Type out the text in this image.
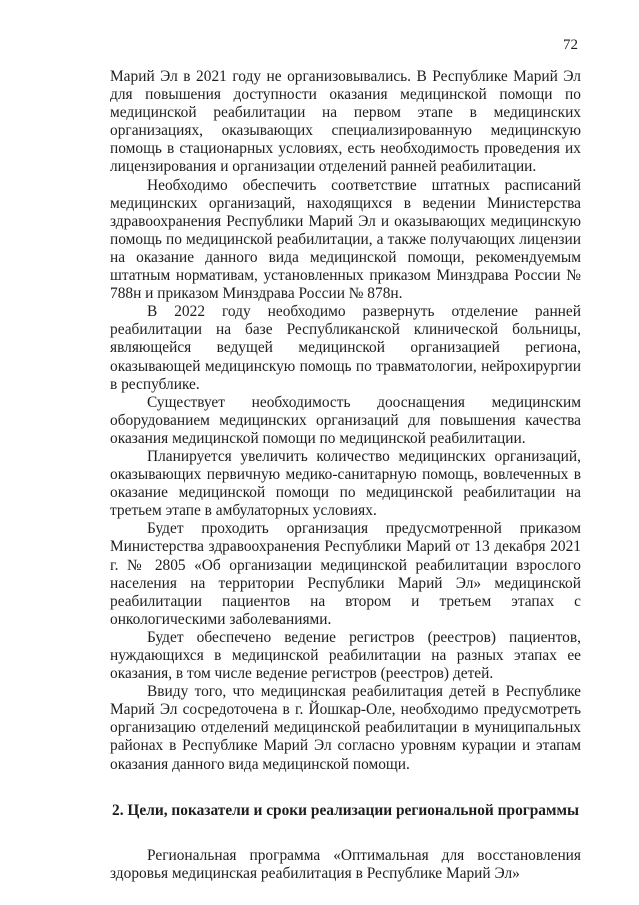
72

Марий Эл в 2021 году не организовывались. В Республике Марий Эл для повышения доступности оказания медицинской помощи по медицинской реабилитации на первом этапе в медицинских организациях, оказывающих специализированную медицинскую помощь в стационарных условиях, есть необходимость проведения их лицензирования и организации отделений ранней реабилитации.

Необходимо обеспечить соответствие штатных расписаний медицинских организаций, находящихся в ведении Министерства здравоохранения Республики Марий Эл и оказывающих медицинскую помощь по медицинской реабилитации, а также получающих лицензии на оказание данного вида медицинской помощи, рекомендуемым штатным нормативам, установленных приказом Минздрава России № 788н и приказом Минздрава России № 878н.

В 2022 году необходимо развернуть отделение ранней реабилитации на базе Республиканской клинической больницы, являющейся ведущей медицинской организацией региона, оказывающей медицинскую помощь по травматологии, нейрохирургии в республике.

Существует необходимость дооснащения медицинским оборудованием медицинских организаций для повышения качества оказания медицинской помощи по медицинской реабилитации.

Планируется увеличить количество медицинских организаций, оказывающих первичную медико-санитарную помощь, вовлеченных в оказание медицинской помощи по медицинской реабилитации на третьем этапе в амбулаторных условиях.

Будет проходить организация предусмотренной приказом Министерства здравоохранения Республики Марий от 13 декабря 2021 г. № 2805 «Об организации медицинской реабилитации взрослого населения на территории Республики Марий Эл» медицинской реабилитации пациентов на втором и третьем этапах с онкологическими заболеваниями.

Будет обеспечено ведение регистров (реестров) пациентов, нуждающихся в медицинской реабилитации на разных этапах ее оказания, в том числе ведение регистров (реестров) детей.

Ввиду того, что медицинская реабилитация детей в Республике Марий Эл сосредоточена в г. Йошкар-Оле, необходимо предусмотреть организацию отделений медицинской реабилитации в муниципальных районах в Республике Марий Эл согласно уровням курации и этапам оказания данного вида медицинской помощи.

2. Цели, показатели и сроки реализации региональной программы

Региональная программа «Оптимальная для восстановления здоровья медицинская реабилитация в Республике Марий Эл»
